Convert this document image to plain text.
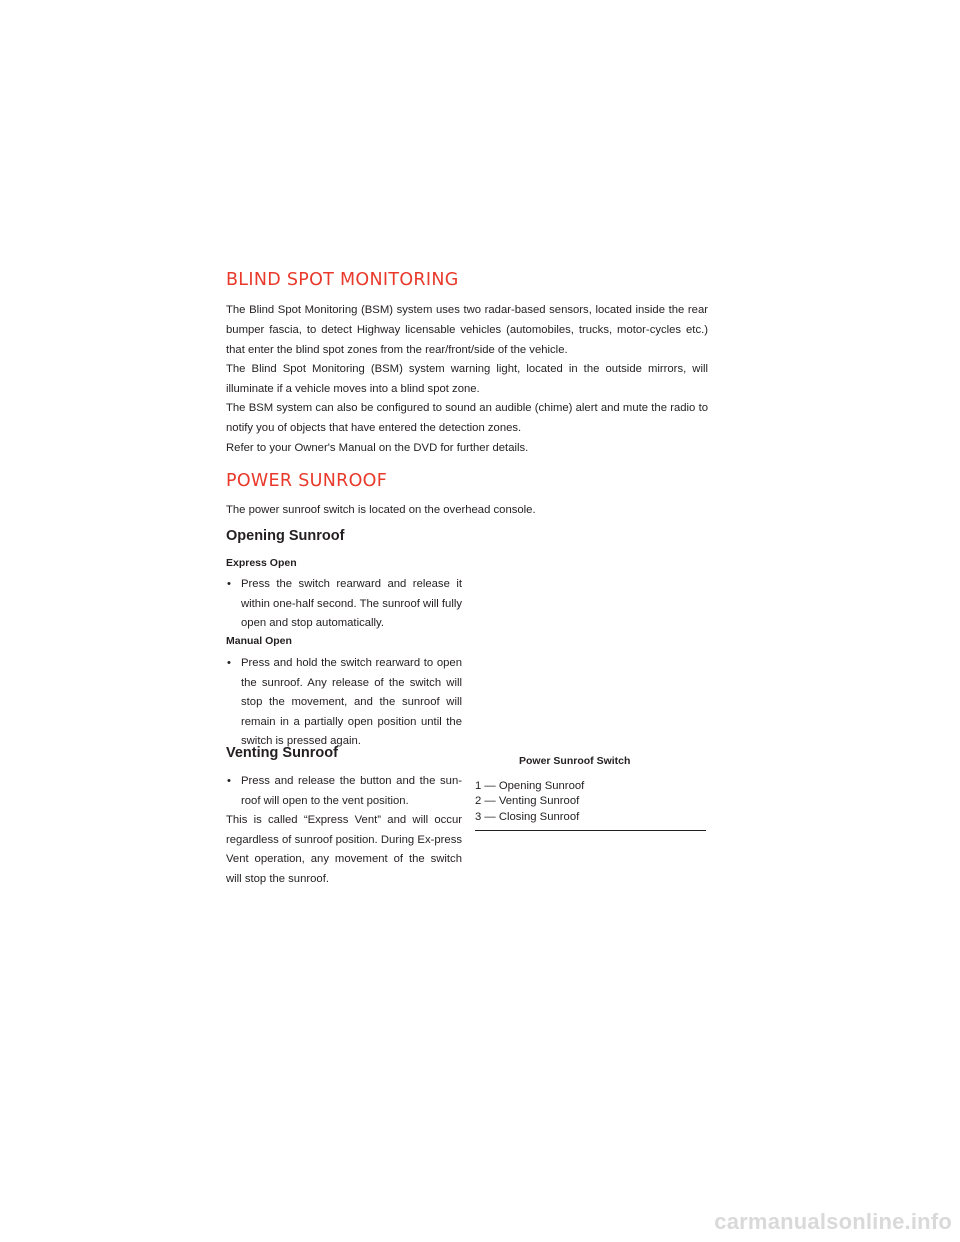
BLIND SPOT MONITORING

The Blind Spot Monitoring (BSM) system uses two radar-based sensors, located inside the rear bumper fascia, to detect Highway licensable vehicles (automobiles, trucks, motor-cycles etc.) that enter the blind spot zones from the rear/front/side of the vehicle.

The Blind Spot Monitoring (BSM) system warning light, located in the outside mirrors, will illuminate if a vehicle moves into a blind spot zone.

The BSM system can also be configured to sound an audible (chime) alert and mute the radio to notify you of objects that have entered the detection zones.

Refer to your Owner's Manual on the DVD for further details.

POWER SUNROOF

The power sunroof switch is located on the overhead console.

Opening Sunroof
Express Open
• Press the switch rearward and release it within one-half second. The sunroof will fully open and stop automatically.
Manual Open
• Press and hold the switch rearward to open the sunroof. Any release of the switch will stop the movement, and the sunroof will remain in a partially open position until the switch is pressed again.
Venting Sunroof
• Press and release the button and the sun-roof will open to the vent position.

This is called “Express Vent” and will occur regardless of sunroof position. During Ex-press Vent operation, any movement of the switch will stop the sunroof.

Power Sunroof Switch

1 — Opening Sunroof
2 — Venting Sunroof
3 — Closing Sunroof
carmanualsonline.info
